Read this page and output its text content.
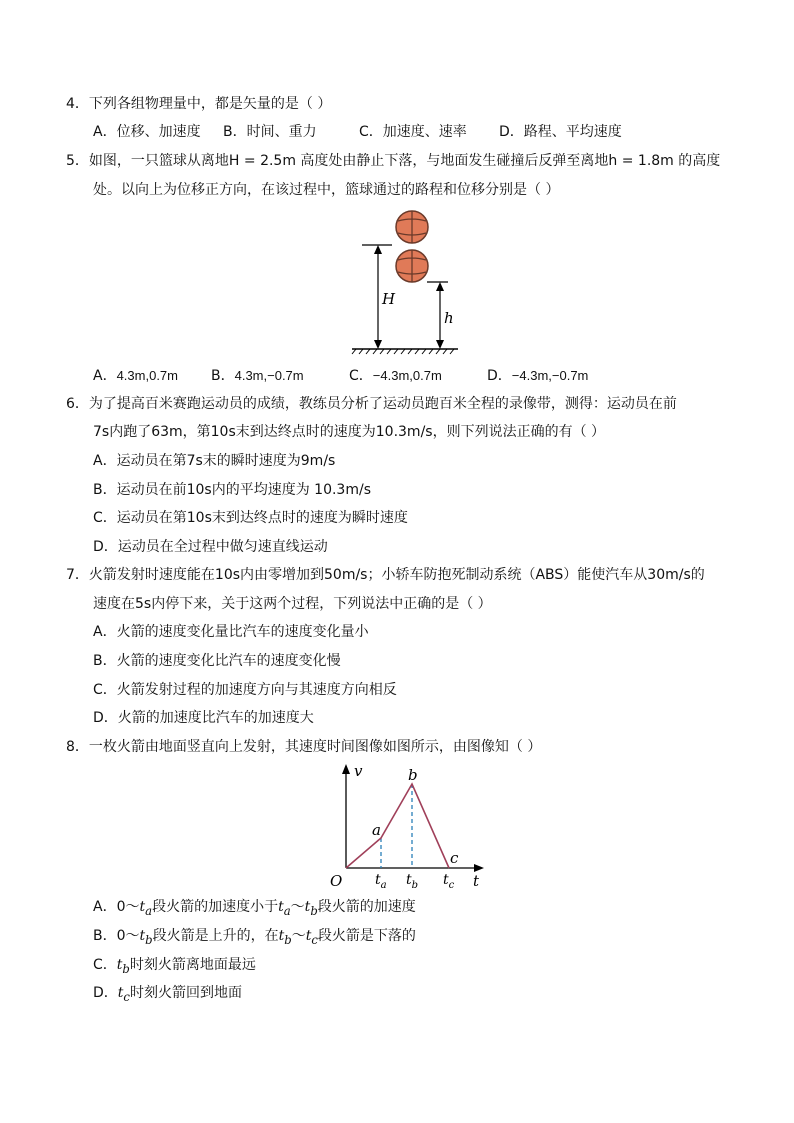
4．下列各组物理量中，都是矢量的是（ ）
A．位移、加速度 B．时间、重力	C．加速度、速率 D．路程、平均速度
5．如图，一只篮球从离地H = 2.5m 高度处由静止下落，与地面发生碰撞后反弹至离地h = 1.8m 的高度
处。以向上为位移正方向，在该过程中，篮球通过的路程和位移分别是（ ）
H
h
A．4.3m,0.7m B．4.3m,−0.7m	C．−4.3m,0.7m	D．−4.3m,−0.7m
6．为了提高百米赛跑运动员的成绩，教练员分析了运动员跑百米全程的录像带，测得：运动员在前
7s内跑了63m，第10s末到达终点时的速度为10.3m/s，则下列说法正确的有（ ）
A．运动员在第7s末的瞬时速度为9m/s
B．运动员在前10s内的平均速度为 10.3m/s
C．运动员在第10s末到达终点时的速度为瞬时速度
D．运动员在全过程中做匀速直线运动
7．火箭发射时速度能在10s内由零增加到50m/s；小轿车防抱死制动系统（ABS）能使汽车从30m/s的
速度在5s内停下来，关于这两个过程，下列说法中正确的是（ ）
A．火箭的速度变化量比汽车的速度变化量小
B．火箭的速度变化比汽车的速度变化慢
C．火箭发射过程的加速度方向与其速度方向相反
D．火箭的加速度比汽车的加速度大
8．一枚火箭由地面竖直向上发射，其速度时间图像如图所示，由图像知（ ）
v
t
O
a
b
c
$t_a$ $t_b$ $t_c$
A．$0\sim t_a$段火箭的加速度小于$t_a\sim t_b$段火箭的加速度
B．$0\sim t_b$段火箭是上升的，在$t_b\sim t_c$段火箭是下落的
C．$t_b$时刻火箭离地面最远
D．$t_c$时刻火箭回到地面
